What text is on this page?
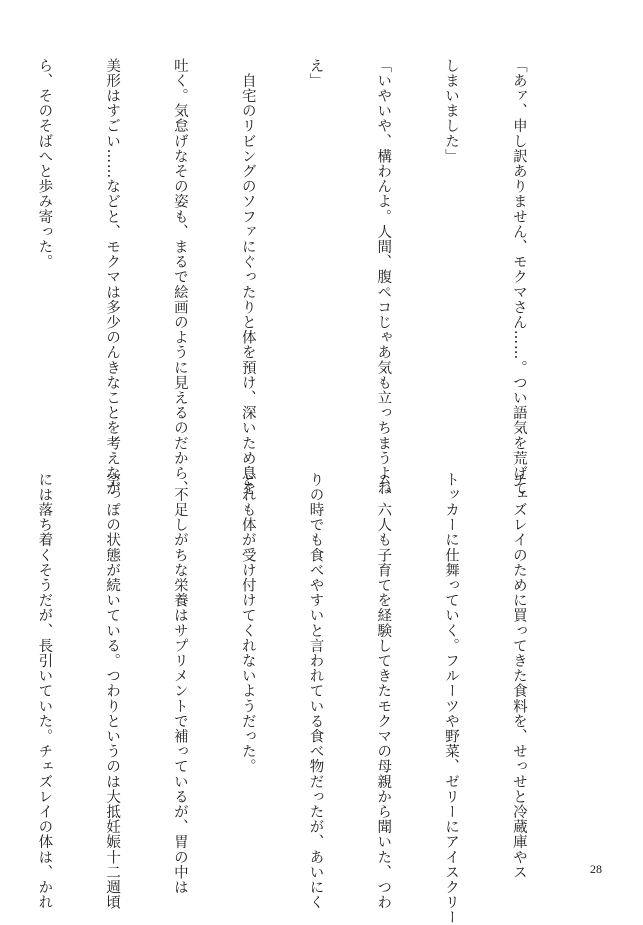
「あァ、申し訳ありません、モクマさん……。つい語気を荒げて

しまいました」

「いやいや、構わんよ。人間、腹ペコじゃあ気も立っちまうよね

え」

　自宅のリビングのソファにぐったりと体を預け、深いため息を

吐く。気怠げなその姿も、まるで絵画のように見えるのだから、

美形はすごい……などと、モクマは多少のんきなことを考えなが

ら、そのそばへと歩み寄った。

チェズレイのために買ってきた食料を、せっせと冷蔵庫やス

トッカーに仕舞っていく。フルーツや野菜、ゼリーにアイスクリー

ム。六人も子育てを経験してきたモクマの母親から聞いた、つわ

りの時でも食べやすいと言われている食べ物だったが、あいにく

どれも体が受け付けてくれないようだった。

　不足しがちな栄養はサプリメントで補っているが、胃の中は

空っぽの状態が続いている。つわりというのは大抵妊娠十二週頃

には落ち着くそうだが、長引いていた。チェズレイの体は、かれ

	28
